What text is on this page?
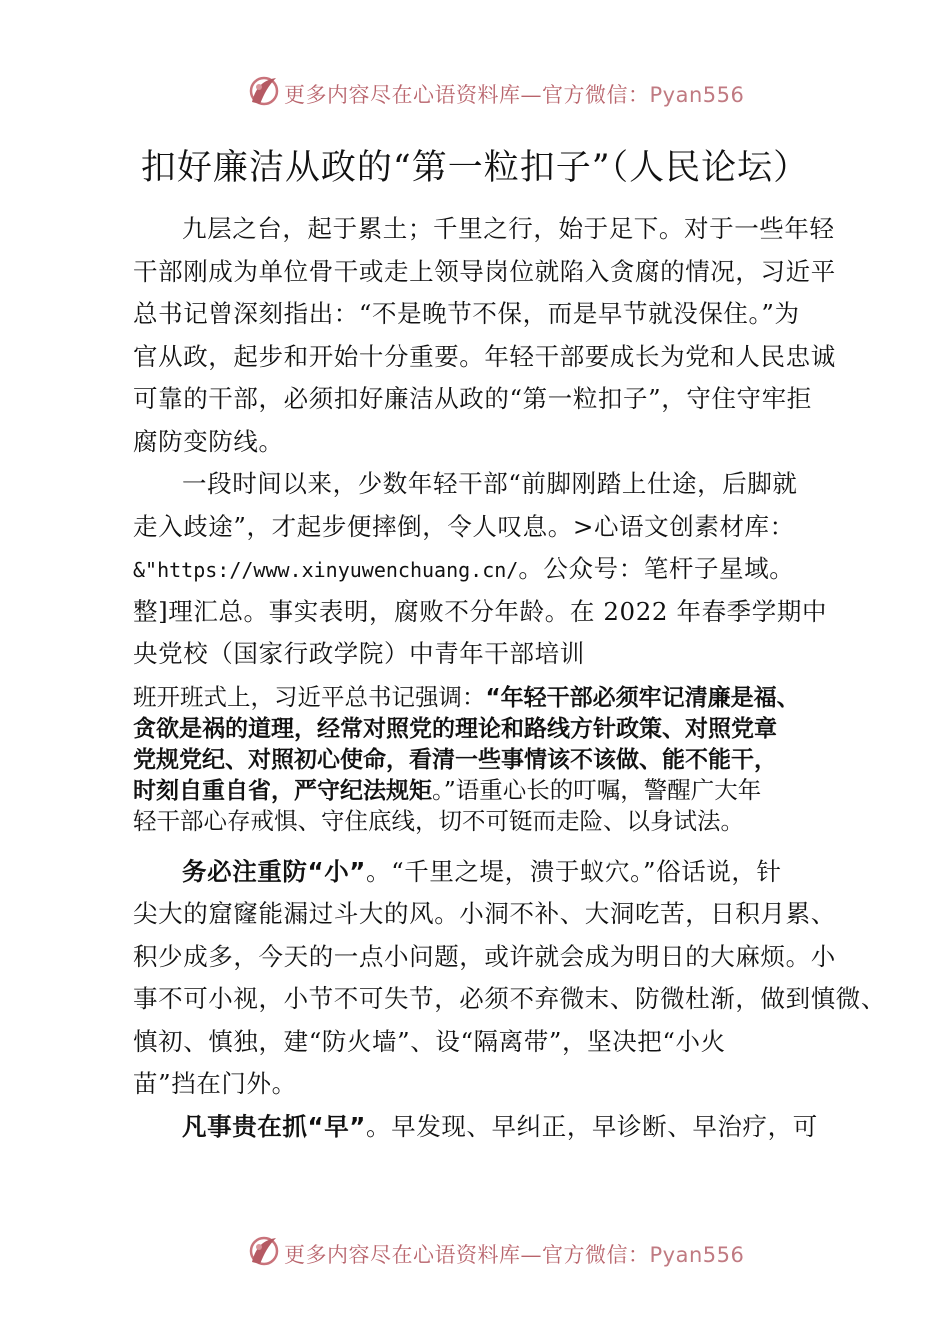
更多内容尽在心语资料库—官方微信：Pyan556
扣好廉洁从政的“第一粒扣子”（人民论坛）
九层之台，起于累土；千里之行，始于足下。对于一些年轻
干部刚成为单位骨干或走上领导岗位就陷入贪腐的情况，习近平
总书记曾深刻指出：“不是晚节不保，而是早节就没保住。”为
官从政，起步和开始十分重要。年轻干部要成长为党和人民忠诚
可靠的干部，必须扣好廉洁从政的“第一粒扣子”，守住守牢拒
腐防变防线。
一段时间以来，少数年轻干部“前脚刚踏上仕途，后脚就
走入歧途”，才起步便摔倒，令人叹息。>心语文创素材库：
&"https://www.xinyuwenchuang.cn/。公众号：笔杆子星域。
整]理汇总。事实表明，腐败不分年龄。在 2022 年春季学期中
央党校（国家行政学院）中青年干部培训
班开班式上，习近平总书记强调：“年轻干部必须牢记清廉是福、
贪欲是祸的道理，经常对照党的理论和路线方针政策、对照党章
党规党纪、对照初心使命，看清一些事情该不该做、能不能干，
时刻自重自省，严守纪法规矩。”语重心长的叮嘱，警醒广大年
轻干部心存戒惧、守住底线，切不可铤而走险、以身试法。
务必注重防“小”。“千里之堤，溃于蚁穴。”俗话说，针
尖大的窟窿能漏过斗大的风。小洞不补、大洞吃苦，日积月累、
积少成多，今天的一点小问题，或许就会成为明日的大麻烦。小
事不可小视，小节不可失节，必须不弃微末、防微杜渐，做到慎微、
慎初、慎独，建“防火墙”、设“隔离带”，坚决把“小火
苗”挡在门外。
凡事贵在抓“早”。早发现、早纠正，早诊断、早治疗，可
更多内容尽在心语资料库—官方微信：Pyan556
